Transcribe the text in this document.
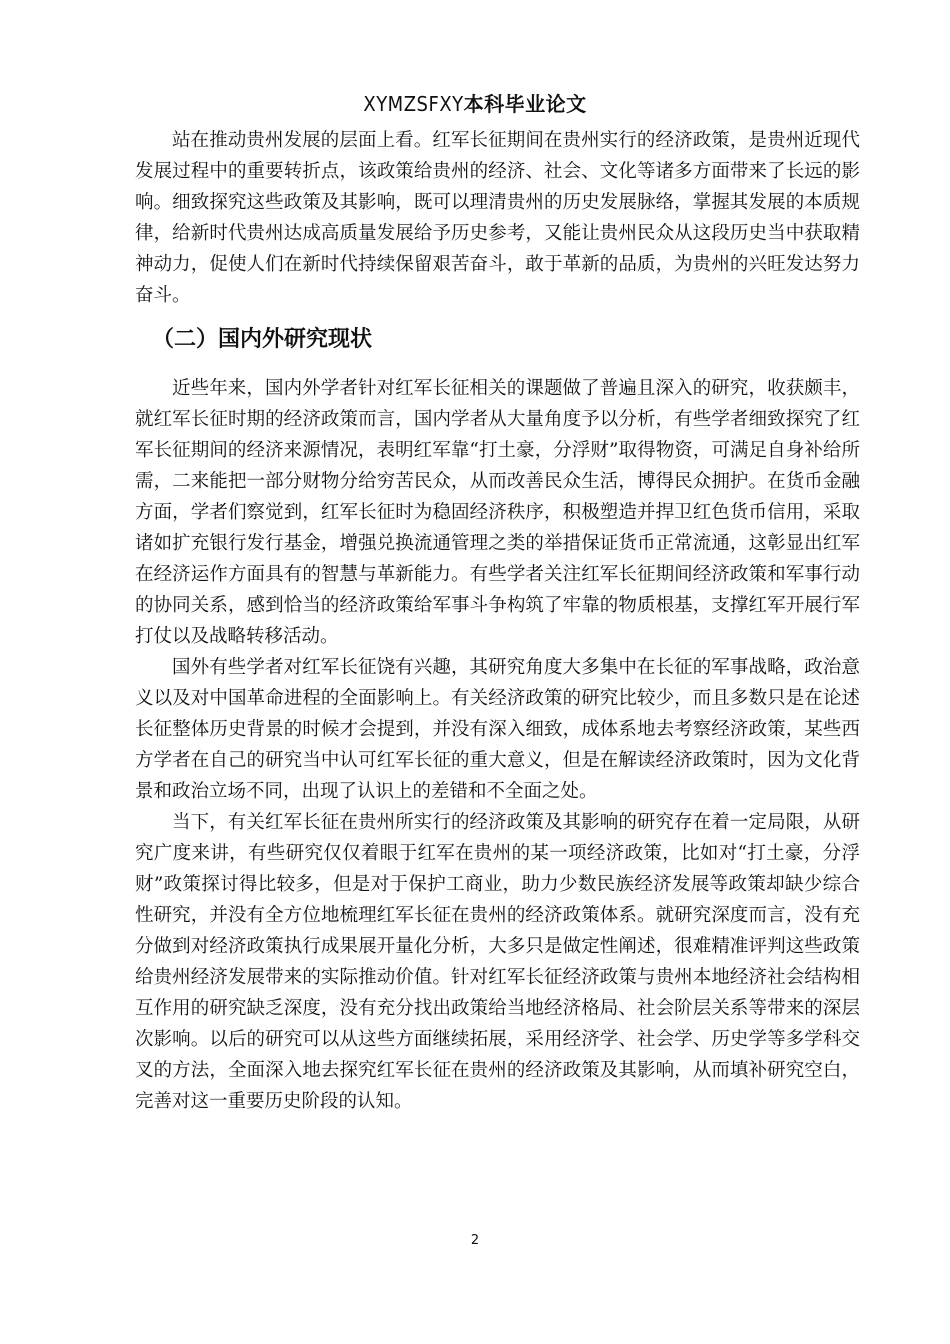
XYMZSFXY本科毕业论文

站在推动贵州发展的层面上看。红军长征期间在贵州实行的经济政策，是贵州近现代发展过程中的重要转折点，该政策给贵州的经济、社会、文化等诸多方面带来了长远的影响。细致探究这些政策及其影响，既可以理清贵州的历史发展脉络，掌握其发展的本质规律，给新时代贵州达成高质量发展给予历史参考，又能让贵州民众从这段历史当中获取精神动力，促使人们在新时代持续保留艰苦奋斗，敢于革新的品质，为贵州的兴旺发达努力奋斗。

（二）国内外研究现状

近些年来，国内外学者针对红军长征相关的课题做了普遍且深入的研究，收获颇丰，就红军长征时期的经济政策而言，国内学者从大量角度予以分析，有些学者细致探究了红军长征期间的经济来源情况，表明红军靠“打土豪，分浮财”取得物资，可满足自身补给所需，二来能把一部分财物分给穷苦民众，从而改善民众生活，博得民众拥护。在货币金融方面，学者们察觉到，红军长征时为稳固经济秩序，积极塑造并捍卫红色货币信用，采取诸如扩充银行发行基金，增强兑换流通管理之类的举措保证货币正常流通，这彰显出红军在经济运作方面具有的智慧与革新能力。有些学者关注红军长征期间经济政策和军事行动的协同关系，感到恰当的经济政策给军事斗争构筑了牢靠的物质根基，支撑红军开展行军打仗以及战略转移活动。

国外有些学者对红军长征饶有兴趣，其研究角度大多集中在长征的军事战略，政治意义以及对中国革命进程的全面影响上。有关经济政策的研究比较少，而且多数只是在论述长征整体历史背景的时候才会提到，并没有深入细致，成体系地去考察经济政策，某些西方学者在自己的研究当中认可红军长征的重大意义，但是在解读经济政策时，因为文化背景和政治立场不同，出现了认识上的差错和不全面之处。

当下，有关红军长征在贵州所实行的经济政策及其影响的研究存在着一定局限，从研究广度来讲，有些研究仅仅着眼于红军在贵州的某一项经济政策，比如对“打土豪，分浮财”政策探讨得比较多，但是对于保护工商业，助力少数民族经济发展等政策却缺少综合性研究，并没有全方位地梳理红军长征在贵州的经济政策体系。就研究深度而言，没有充分做到对经济政策执行成果展开量化分析，大多只是做定性阐述，很难精准评判这些政策给贵州经济发展带来的实际推动价值。针对红军长征经济政策与贵州本地经济社会结构相互作用的研究缺乏深度，没有充分找出政策给当地经济格局、社会阶层关系等带来的深层次影响。以后的研究可以从这些方面继续拓展，采用经济学、社会学、历史学等多学科交叉的方法，全面深入地去探究红军长征在贵州的经济政策及其影响，从而填补研究空白，完善对这一重要历史阶段的认知。

2
